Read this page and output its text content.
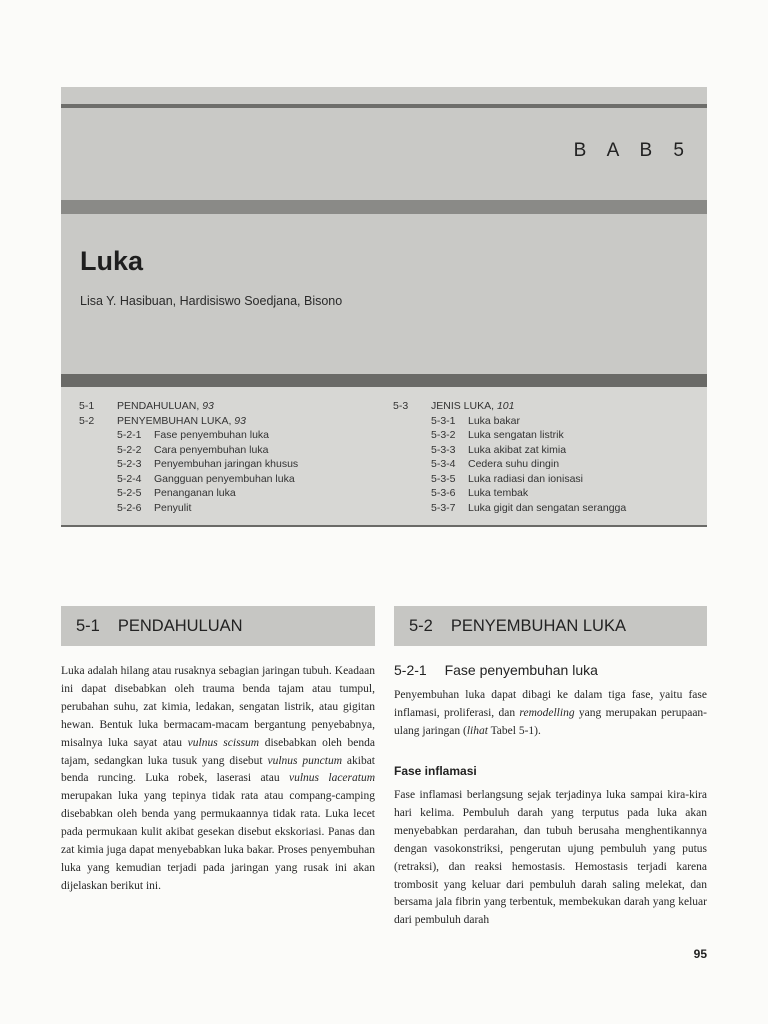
B A B 5
Luka
Lisa Y. Hasibuan, Hardisiswo Soedjana, Bisono
5-1 PENDAHULUAN, 93
5-2 PENYEMBUHAN LUKA, 93
5-2-1 Fase penyembuhan luka
5-2-2 Cara penyembuhan luka
5-2-3 Penyembuhan jaringan khusus
5-2-4 Gangguan penyembuhan luka
5-2-5 Penanganan luka
5-2-6 Penyulit
5-3 JENIS LUKA, 101
5-3-1 Luka bakar
5-3-2 Luka sengatan listrik
5-3-3 Luka akibat zat kimia
5-3-4 Cedera suhu dingin
5-3-5 Luka radiasi dan ionisasi
5-3-6 Luka tembak
5-3-7 Luka gigit dan sengatan serangga
5-1 PENDAHULUAN	5-2 PENYEMBUHAN LUKA
Luka adalah hilang atau rusaknya sebagian jaringan tubuh. Keadaan ini dapat disebabkan oleh trauma benda tajam atau tumpul, perubahan suhu, zat kimia, ledakan, sengatan listrik, atau gigitan hewan. Bentuk luka bermacam-macam bergantung penyebabnya, misalnya luka sayat atau vulnus scissum disebabkan oleh benda tajam, sedangkan luka tusuk yang disebut vulnus punctum akibat benda runcing. Luka robek, laserasi atau vulnus laceratum merupakan luka yang tepinya tidak rata atau compang-camping disebabkan oleh benda yang permukaannya tidak rata. Luka lecet pada permukaan kulit akibat gesekan disebut ekskoriasi. Panas dan zat kimia juga dapat menyebabkan luka bakar. Proses penyembuhan luka yang kemudian terjadi pada jaringan yang rusak ini akan dijelaskan berikut ini.
5-2-1 Fase penyembuhan luka
Penyembuhan luka dapat dibagi ke dalam tiga fase, yaitu fase inflamasi, proliferasi, dan remodelling yang merupakan perupaan-ulang jaringan (lihat Tabel 5-1).
Fase inflamasi
Fase inflamasi berlangsung sejak terjadinya luka sampai kira-kira hari kelima. Pembuluh darah yang terputus pada luka akan menyebabkan perdarahan, dan tubuh berusaha menghentikannya dengan vasokonstriksi, pengerutan ujung pembuluh yang putus (retraksi), dan reaksi hemostasis. Hemostasis terjadi karena trombosit yang keluar dari pembuluh darah saling melekat, dan bersama jala fibrin yang terbentuk, membekukan darah yang keluar dari pembuluh darah
95
